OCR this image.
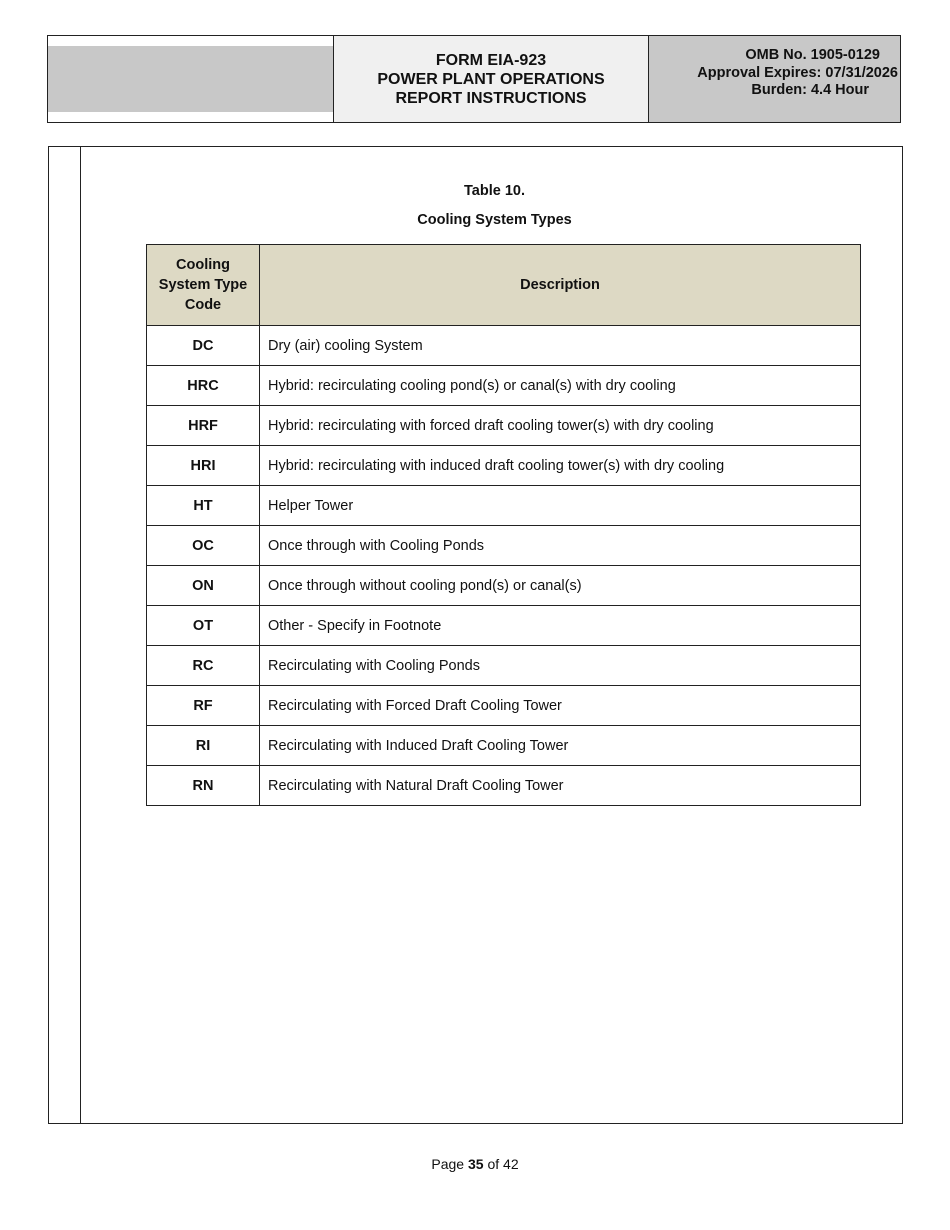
FORM EIA-923
POWER PLANT OPERATIONS
REPORT INSTRUCTIONS
OMB No. 1905-0129
Approval Expires: 07/31/2026
Burden: 4.4 Hour
Table 10.
Cooling System Types
Cooling
System Type
Code	Description
DC	Dry (air) cooling System
HRC	Hybrid: recirculating cooling pond(s) or canal(s) with dry cooling
HRF	Hybrid: recirculating with forced draft cooling tower(s) with dry cooling
HRI	Hybrid: recirculating with induced draft cooling tower(s) with dry cooling
HT	Helper Tower
OC	Once through with Cooling Ponds
ON	Once through without cooling pond(s) or canal(s)
OT	Other - Specify in Footnote
RC	Recirculating with Cooling Ponds
RF	Recirculating with Forced Draft Cooling Tower
RI	Recirculating with Induced Draft Cooling Tower
RN	Recirculating with Natural Draft Cooling Tower
Page 35 of 42
